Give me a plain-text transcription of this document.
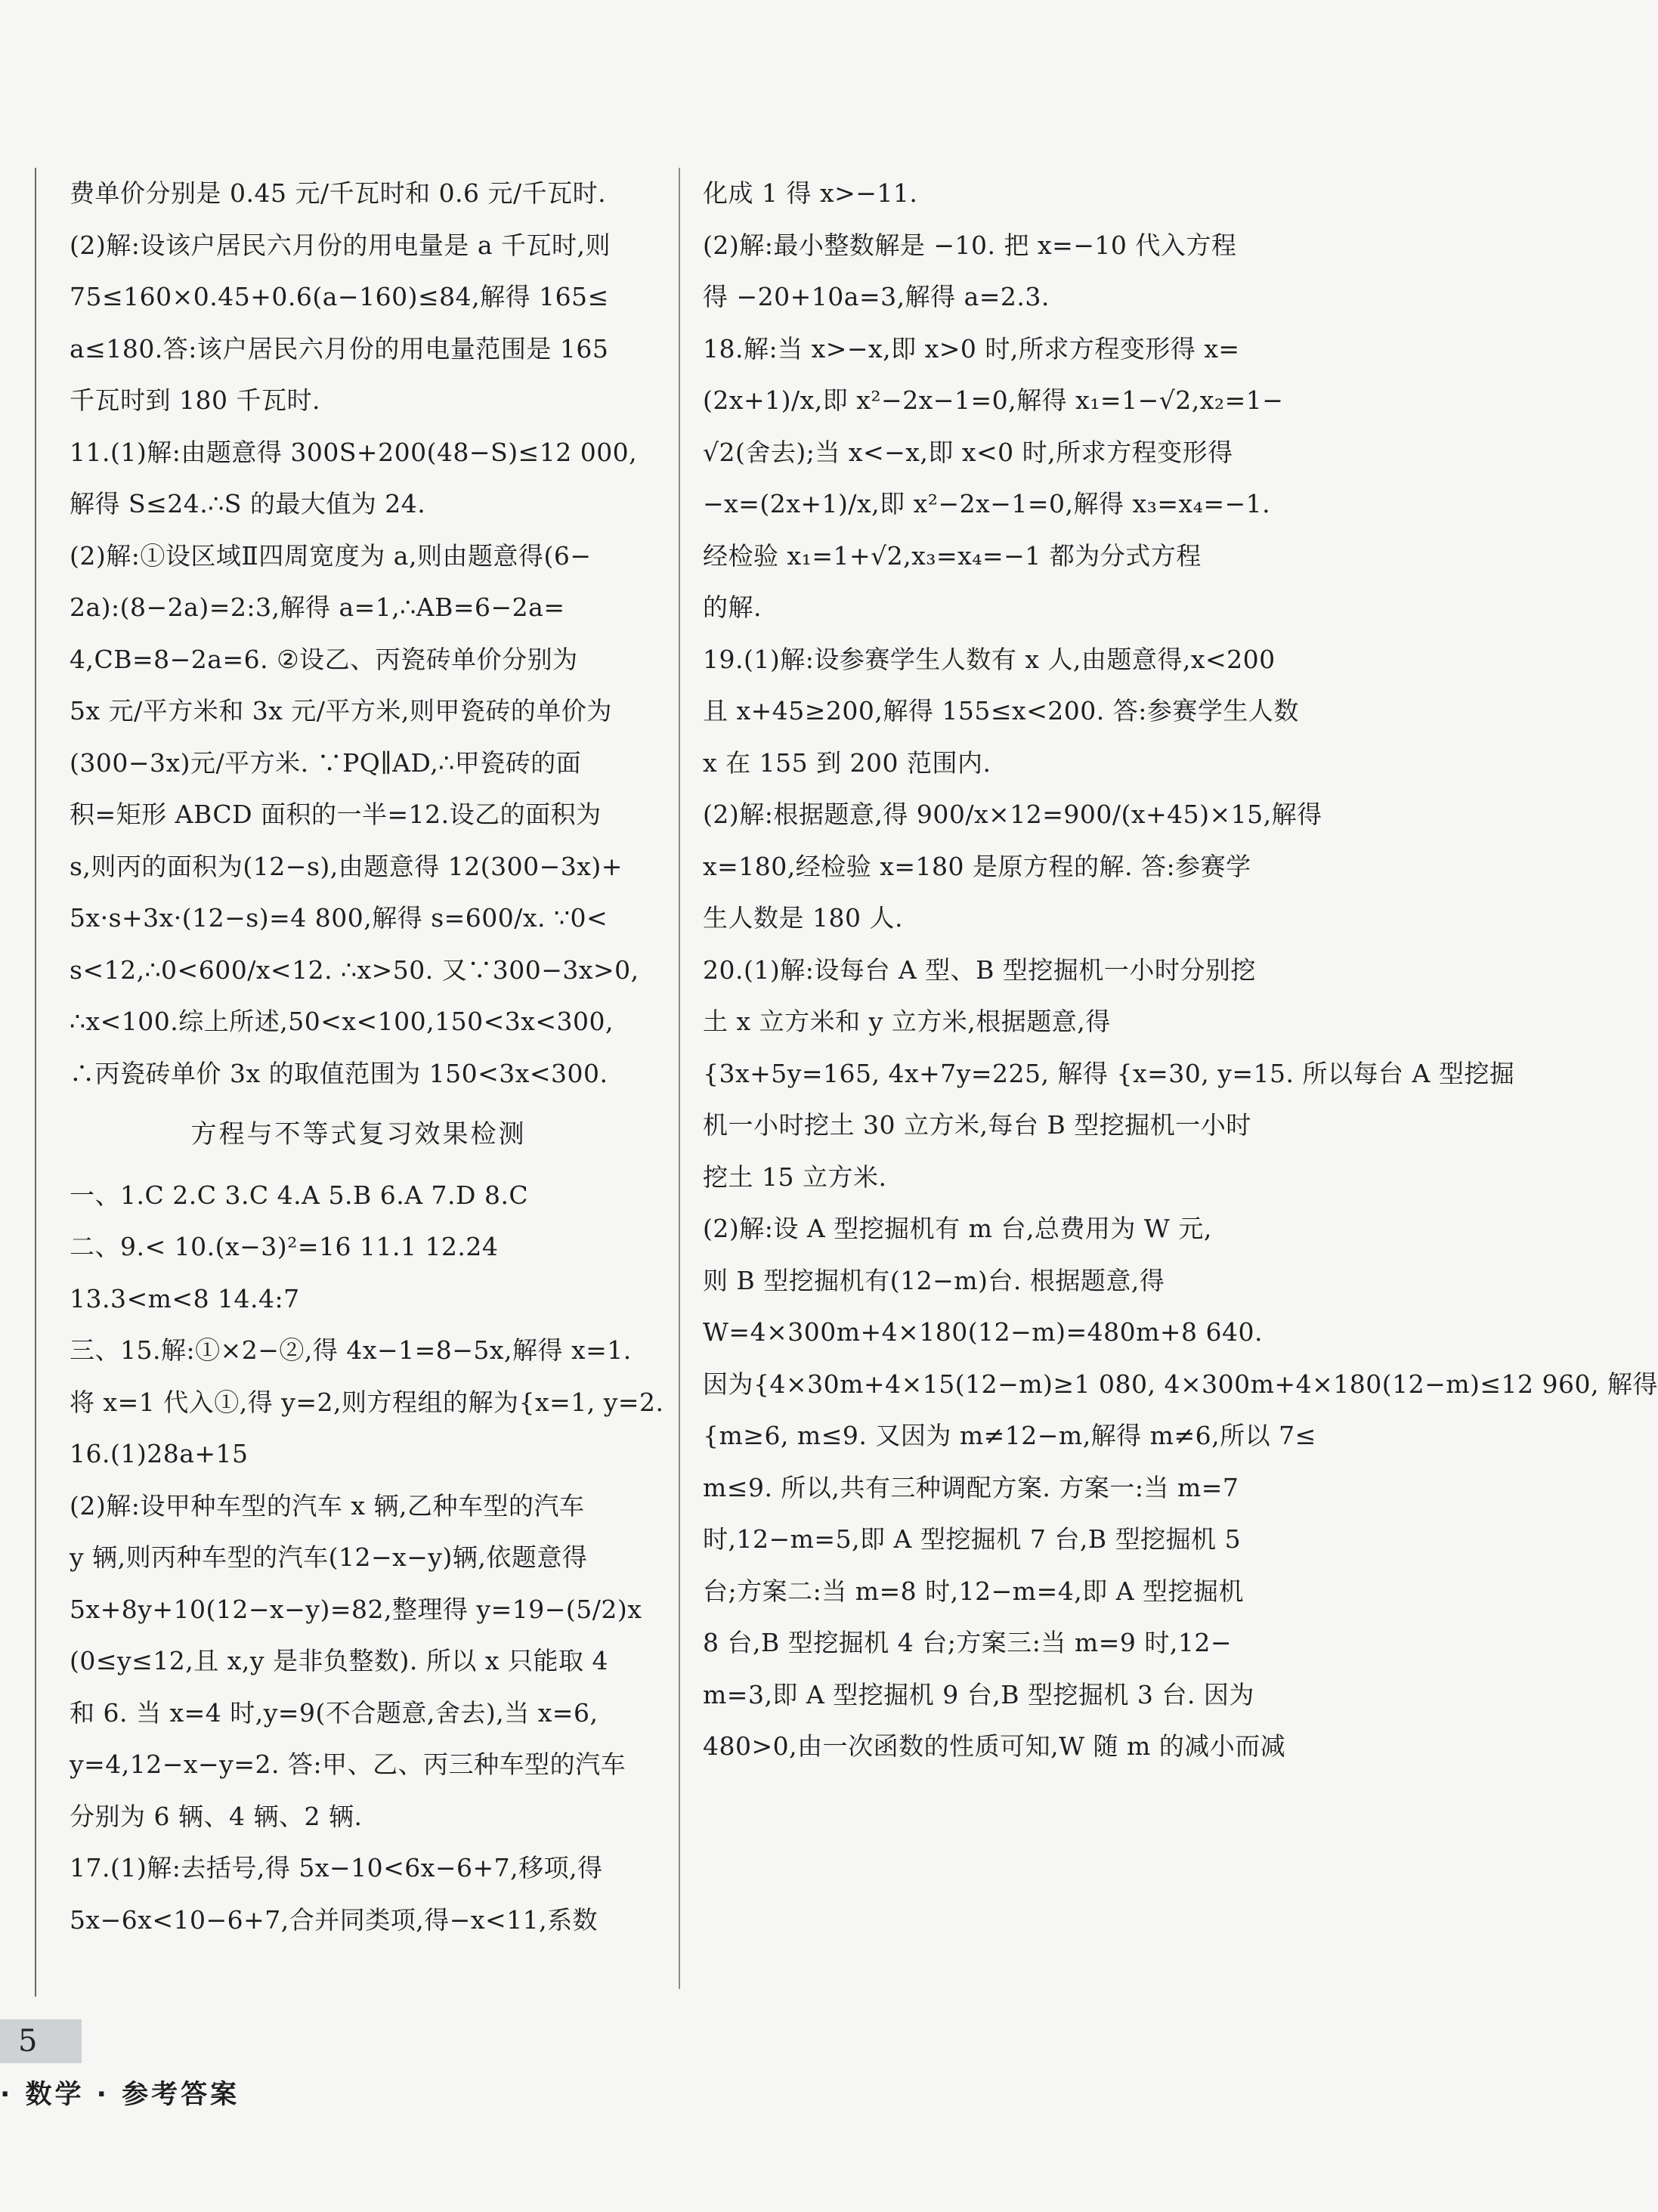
费单价分别是 0.45 元/千瓦时和 0.6 元/千瓦时.
(2)解:设该户居民六月份的用电量是 a 千瓦时,则
75≤160×0.45+0.6(a−160)≤84,解得 165≤
a≤180.答:该户居民六月份的用电量范围是 165
千瓦时到 180 千瓦时.
11.(1)解:由题意得 300S+200(48−S)≤12 000,
解得 S≤24.∴S 的最大值为 24.
(2)解:①设区域Ⅱ四周宽度为 a,则由题意得(6−
2a):(8−2a)=2:3,解得 a=1,∴AB=6−2a=
4,CB=8−2a=6. ②设乙、丙瓷砖单价分别为
5x 元/平方米和 3x 元/平方米,则甲瓷砖的单价为
(300−3x)元/平方米. ∵PQ∥AD,∴甲瓷砖的面
积=矩形 ABCD 面积的一半=12.设乙的面积为
s,则丙的面积为(12−s),由题意得 12(300−3x)+
5x·s+3x·(12−s)=4 800,解得 s=600/x. ∵0<
s<12,∴0<600/x<12. ∴x>50. 又∵300−3x>0,
∴x<100.综上所述,50<x<100,150<3x<300,
∴丙瓷砖单价 3x 的取值范围为 150<3x<300.
方程与不等式复习效果检测
一、1.C 2.C 3.C 4.A 5.B 6.A 7.D 8.C
二、9.< 10.(x−3)²=16 11.1 12.24
13.3<m<8 14.4:7
三、15.解:①×2−②,得 4x−1=8−5x,解得 x=1.
将 x=1 代入①,得 y=2,则方程组的解为{x=1, y=2.
16.(1)28a+15
(2)解:设甲种车型的汽车 x 辆,乙种车型的汽车
y 辆,则丙种车型的汽车(12−x−y)辆,依题意得
5x+8y+10(12−x−y)=82,整理得 y=19−(5/2)x
(0≤y≤12,且 x,y 是非负整数). 所以 x 只能取 4
和 6. 当 x=4 时,y=9(不合题意,舍去),当 x=6,
y=4,12−x−y=2. 答:甲、乙、丙三种车型的汽车
分别为 6 辆、4 辆、2 辆.
17.(1)解:去括号,得 5x−10<6x−6+7,移项,得
5x−6x<10−6+7,合并同类项,得−x<11,系数
化成 1 得 x>−11.
(2)解:最小整数解是 −10. 把 x=−10 代入方程
得 −20+10a=3,解得 a=2.3.
18.解:当 x>−x,即 x>0 时,所求方程变形得 x=
(2x+1)/x,即 x²−2x−1=0,解得 x₁=1−√2,x₂=1−
√2(舍去);当 x<−x,即 x<0 时,所求方程变形得
−x=(2x+1)/x,即 x²−2x−1=0,解得 x₃=x₄=−1.
经检验 x₁=1+√2,x₃=x₄=−1 都为分式方程
的解.
19.(1)解:设参赛学生人数有 x 人,由题意得,x<200
且 x+45≥200,解得 155≤x<200. 答:参赛学生人数
x 在 155 到 200 范围内.
(2)解:根据题意,得 900/x×12=900/(x+45)×15,解得
x=180,经检验 x=180 是原方程的解. 答:参赛学
生人数是 180 人.
20.(1)解:设每台 A 型、B 型挖掘机一小时分别挖
土 x 立方米和 y 立方米,根据题意,得
{3x+5y=165, 4x+7y=225, 解得 {x=30, y=15. 所以每台 A 型挖掘
机一小时挖土 30 立方米,每台 B 型挖掘机一小时
挖土 15 立方米.
(2)解:设 A 型挖掘机有 m 台,总费用为 W 元,
则 B 型挖掘机有(12−m)台. 根据题意,得
W=4×300m+4×180(12−m)=480m+8 640.
因为{4×30m+4×15(12−m)≥1 080, 4×300m+4×180(12−m)≤12 960, 解得
{m≥6, m≤9. 又因为 m≠12−m,解得 m≠6,所以 7≤
m≤9. 所以,共有三种调配方案. 方案一:当 m=7
时,12−m=5,即 A 型挖掘机 7 台,B 型挖掘机 5
台;方案二:当 m=8 时,12−m=4,即 A 型挖掘机
8 台,B 型挖掘机 4 台;方案三:当 m=9 时,12−
m=3,即 A 型挖掘机 9 台,B 型挖掘机 3 台. 因为
480>0,由一次函数的性质可知,W 随 m 的减小而减
5
· 数学 · 参考答案
